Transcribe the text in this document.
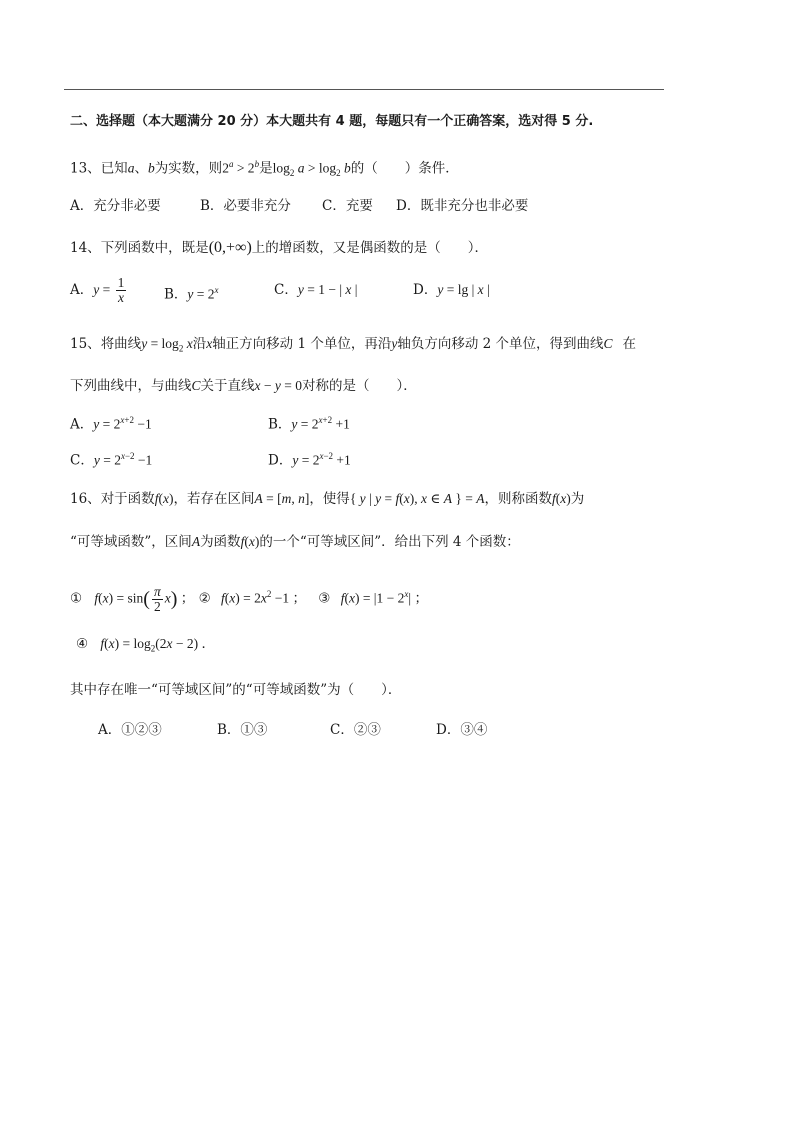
二、选择题（本大题满分 20 分）本大题共有 4 题，每题只有一个正确答案，选对得 5 分.
13、已知a、b为实数，则$2^a > 2^b$是$\log_2 a > \log_2 b$的（　　）条件．
A．充分非必要	B．必要非充分 C．充要 D．既非充分也非必要
14、下列函数中，既是(0,+∞)上的增函数，又是偶函数的是（　　）．
A．$y = \frac{1}{x}$	B．$y = 2^x$	C．y = 1 − | x |	D．y = lg | x |
15、将曲线$y = \log_2 x$沿x轴正方向移动 1 个单位，再沿y轴负方向移动 2 个单位，得到曲线C 在
下列曲线中，与曲线C关于直线x − y = 0对称的是（　　）．
A．$y = 2^{x+2} -1$	B．$y = 2^{x+2} +1$
C．$y = 2^{x-2} -1$	D．$y = 2^{x-2} +1$
16、对于函数f(x)，若存在区间A = [m, n]，使得{ y | y = f(x), x ∈ A } = A，则称函数f(x)为
“可等域函数”，区间A为函数f(x)的一个“可等域区间”．给出下列 4 个函数：
① $f(x) = \sin( \frac{\pi}{2} x)$ ； ② $f(x) = 2x^2 -1$ ； ③ $f(x) = |1 - 2^x|$ ；
④ $f(x) = \log_2(2x - 2)$ ．
其中存在唯一“可等域区间”的“可等域函数”为（　　）．
A．①②③	B．①③	C．②③	D．③④
